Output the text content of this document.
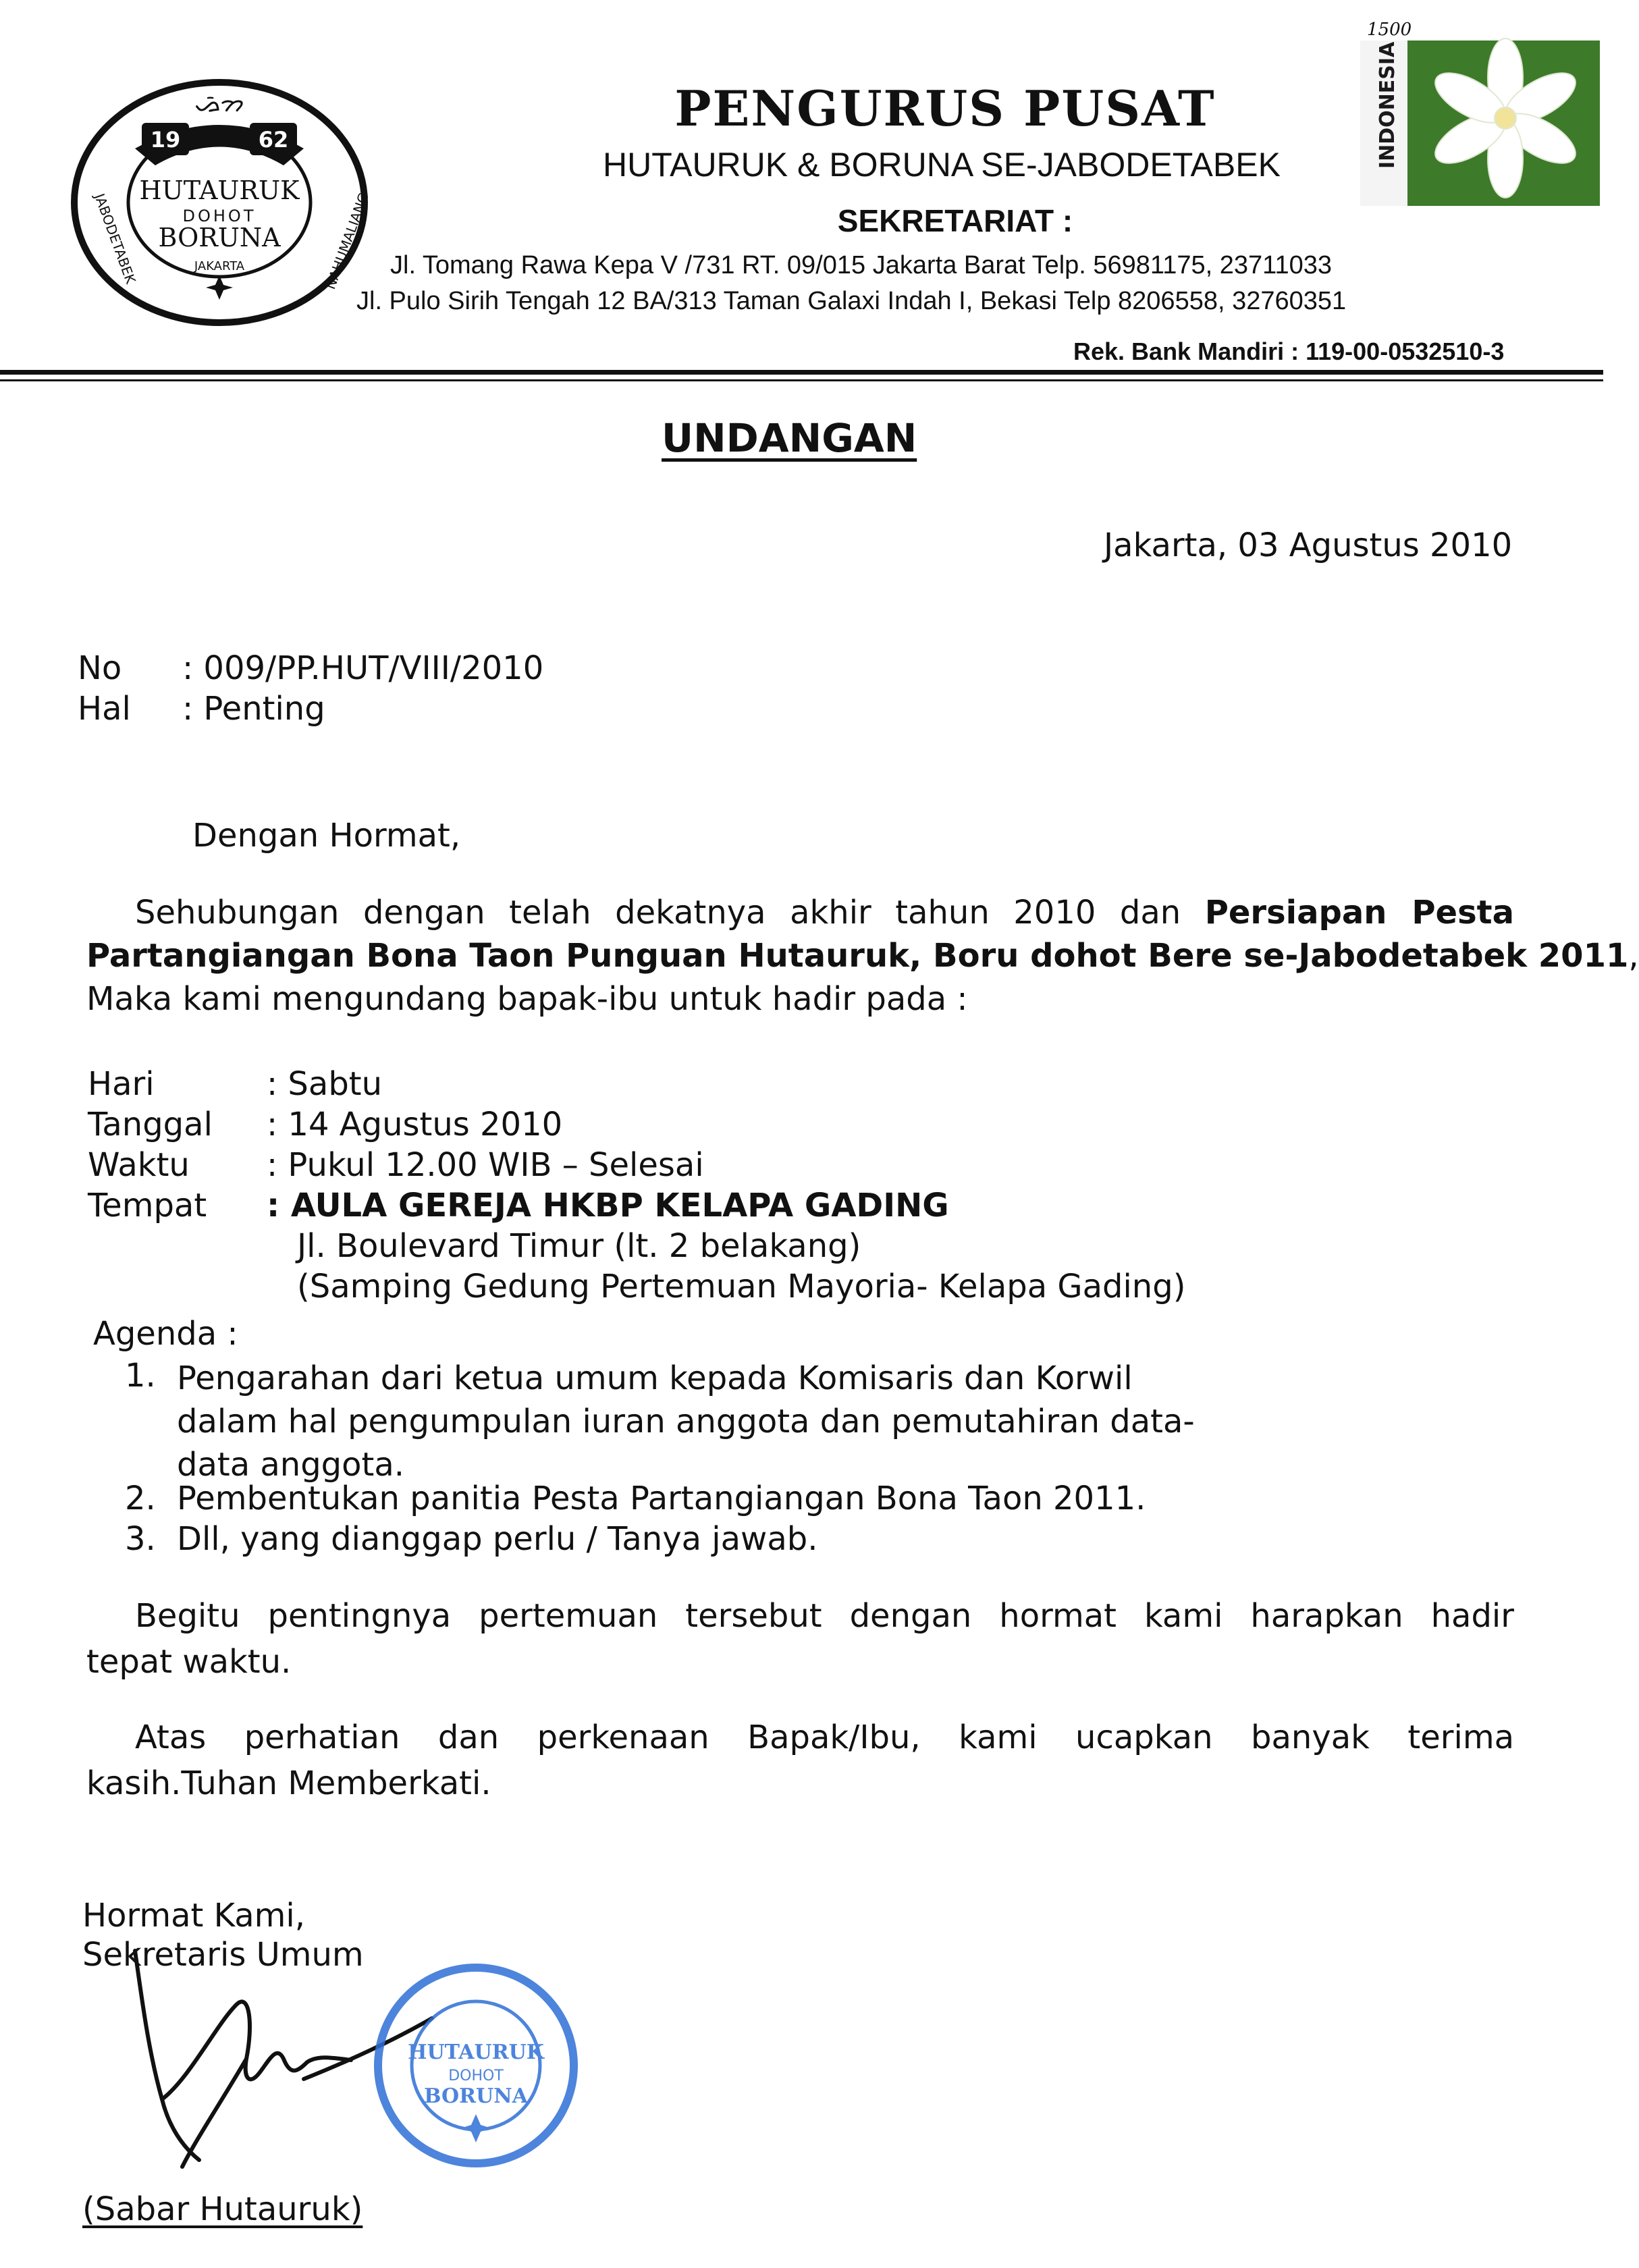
19	62
ᯀᯩᯂ
HUTAURUK
DOHOT
BORUNA
JAKARTA
JABODETABEK	NAHUMALIANG
PENGURUS PUSAT
HUTAURUK & BORUNA SE-JABODETABEK
SEKRETARIAT :
Jl. Tomang Rawa Kepa V /731 RT. 09/015 Jakarta Barat Telp. 56981175, 23711033
Jl. Pulo Sirih Tengah 12 BA/313 Taman Galaxi Indah I, Bekasi Telp 8206558, 32760351
Rek. Bank Mandiri : 119-00-0532510-3
INDONESIA
1500
UNDANGAN
Jakarta, 03 Agustus 2010
No : 009/PP.HUT/VIII/2010
Hal : Penting
Dengan Hormat,
Sehubungan dengan telah dekatnya akhir tahun 2010 dan Persiapan Pesta
Partangiangan Bona Taon Punguan Hutauruk, Boru dohot Bere se-Jabodetabek 2011,
Maka kami mengundang bapak-ibu untuk hadir pada :
Hari	: Sabtu
Tanggal : 14 Agustus 2010
Waktu : Pukul 12.00 WIB – Selesai
Tempat : AULA GEREJA HKBP KELAPA GADING
Jl. Boulevard Timur (lt. 2 belakang)
(Samping Gedung Pertemuan Mayoria- Kelapa Gading)
Agenda :
1. Pengarahan dari ketua umum kepada Komisaris dan Korwil dalam hal pengumpulan iuran anggota dan pemutahiran data-data anggota.
2. Pembentukan panitia Pesta Partangiangan Bona Taon 2011.
3. Dll, yang dianggap perlu / Tanya jawab.
Begitu pentingnya pertemuan tersebut dengan hormat kami harapkan hadir
tepat waktu.
Atas perhatian dan perkenaan Bapak/Ibu, kami ucapkan banyak terima
kasih.Tuhan Memberkati.
Hormat Kami,
Sekretaris Umum
HUTAURUK
DOHOT
BORUNA
(Sabar Hutauruk)
